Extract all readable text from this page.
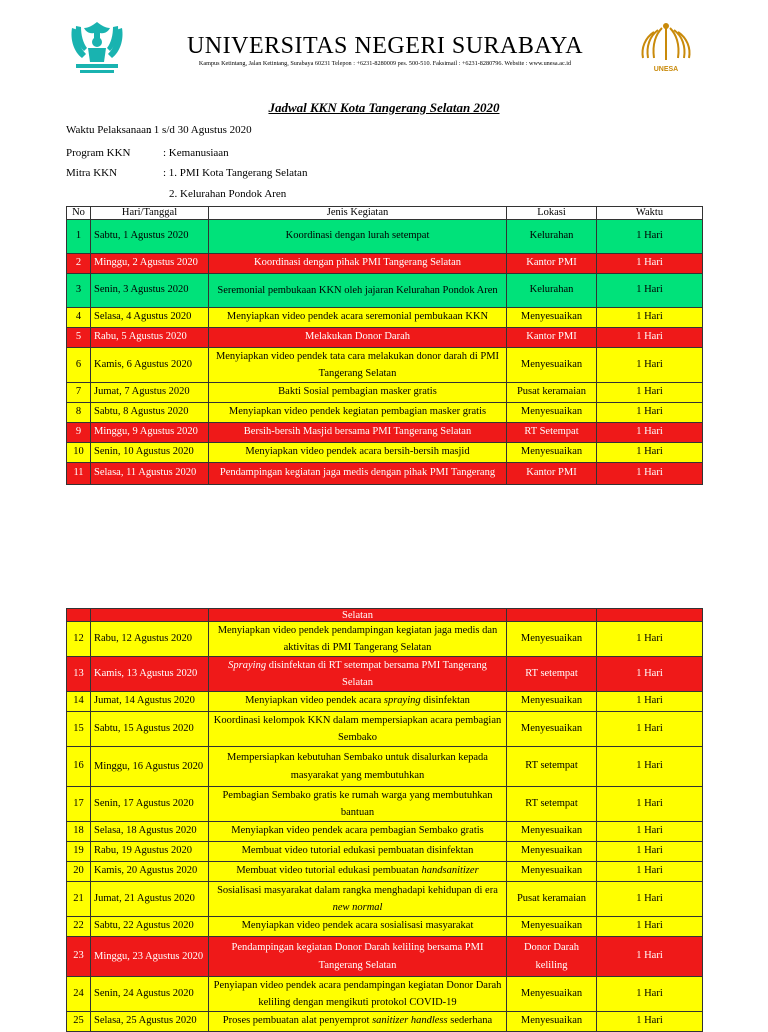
UNIVERSITAS NEGERI SURABAYA
Kampus Ketintang, Jalan Ketintang, Surabaya 60231 Telepon : +6231-8280009 pes. 500-510. Faksimail : +6231-8280796. Website : www.unesa.ac.id
UNESA
Jadwal KKN Kota Tangerang Selatan 2020
Waktu Pelaksanaan
: 1 s/d 30 Agustus 2020
Program KKN	: Kemanusiaan
Mitra KKN	: 1. PMI Kota Tangerang Selatan
2. Kelurahan Pondok Aren
No	Hari/Tanggal	Jenis Kegiatan	Lokasi	Waktu
1	Sabtu, 1 Agustus 2020	Koordinasi dengan lurah setempat	Kelurahan	1 Hari
2	Minggu, 2 Agustus 2020	Koordinasi dengan pihak PMI Tangerang Selatan	Kantor PMI	1 Hari
3	Senin, 3 Agustus 2020	Seremonial pembukaan KKN oleh jajaran Kelurahan Pondok Aren	Kelurahan	1 Hari
4	Selasa, 4 Agustus 2020	Menyiapkan video pendek acara seremonial pembukaan KKN	Menyesuaikan	1 Hari
5	Rabu, 5 Agustus 2020	Melakukan Donor Darah	Kantor PMI	1 Hari
6	Kamis, 6 Agustus 2020	Menyiapkan video pendek tata cara melakukan donor darah di PMI Tangerang Selatan	Menyesuaikan	1 Hari
7	Jumat, 7 Agustus 2020	Bakti Sosial pembagian masker gratis	Pusat keramaian	1 Hari
8	Sabtu, 8 Agustus 2020	Menyiapkan video pendek kegiatan pembagian masker gratis	Menyesuaikan	1 Hari
9	Minggu, 9 Agustus 2020	Bersih-bersih Masjid bersama PMI Tangerang Selatan	RT Setempat	1 Hari
10	Senin, 10 Agustus 2020	Menyiapkan video pendek acara bersih-bersih masjid	Menyesuaikan	1 Hari
11	Selasa, 11 Agustus 2020	Pendampingan kegiatan jaga medis dengan pihak PMI Tangerang	Kantor PMI	1 Hari
		Selatan		
12	Rabu, 12 Agustus 2020	Menyiapkan video pendek pendampingan kegiatan jaga medis dan aktivitas di PMI Tangerang Selatan	Menyesuaikan	1 Hari
13	Kamis, 13 Agustus 2020	Spraying disinfektan di RT setempat bersama PMI Tangerang Selatan	RT setempat	1 Hari
14	Jumat, 14 Agustus 2020	Menyiapkan video pendek acara spraying disinfektan	Menyesuaikan	1 Hari
15	Sabtu, 15 Agustus 2020	Koordinasi kelompok KKN dalam mempersiapkan acara pembagian Sembako	Menyesuaikan	1 Hari
16	Minggu, 16 Agustus 2020	Mempersiapkan kebutuhan Sembako untuk disalurkan kepada masyarakat yang membutuhkan	RT setempat	1 Hari
17	Senin, 17 Agustus 2020	Pembagian Sembako gratis ke rumah warga yang membutuhkan bantuan	RT setempat	1 Hari
18	Selasa, 18 Agustus 2020	Menyiapkan video pendek acara pembagian Sembako gratis	Menyesuaikan	1 Hari
19	Rabu, 19 Agustus 2020	Membuat video tutorial edukasi pembuatan disinfektan	Menyesuaikan	1 Hari
20	Kamis, 20 Agustus 2020	Membuat video tutorial edukasi pembuatan handsanitizer	Menyesuaikan	1 Hari
21	Jumat, 21 Agustus 2020	Sosialisasi masyarakat dalam rangka menghadapi kehidupan di era new normal	Pusat keramaian	1 Hari
22	Sabtu, 22 Agustus 2020	Menyiapkan video pendek acara sosialisasi masyarakat	Menyesuaikan	1 Hari
23	Minggu, 23 Agustus 2020	Pendampingan kegiatan Donor Darah keliling bersama PMI Tangerang Selatan	Donor Darah keliling	1 Hari
24	Senin, 24 Agustus 2020	Penyiapan video pendek acara pendampingan kegiatan Donor Darah keliling dengan mengikuti protokol COVID-19	Menyesuaikan	1 Hari
25	Selasa, 25 Agustus 2020	Proses pembuatan alat penyemprot sanitizer handless sederhana	Menyesuaikan	1 Hari
